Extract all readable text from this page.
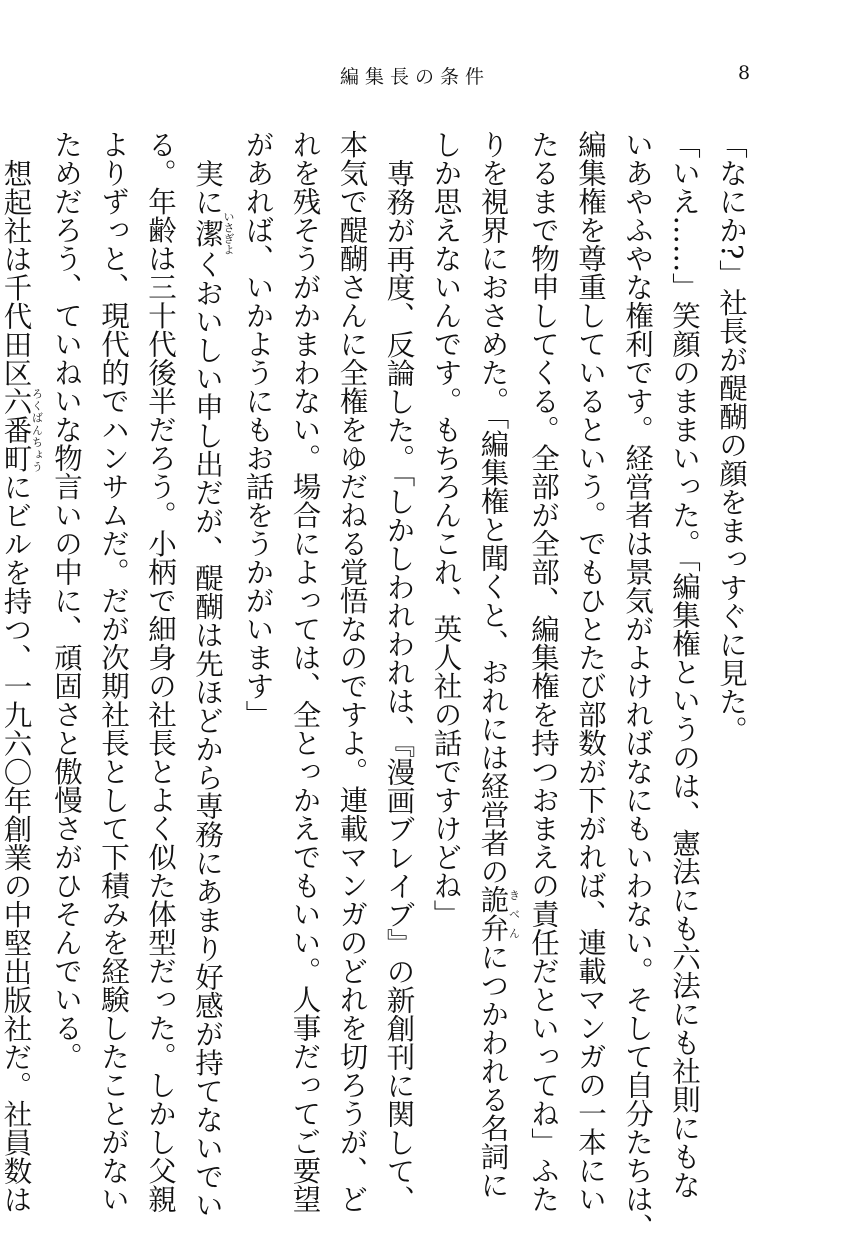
編集長の条件	8
「なにか?」社長が醍醐の顔をまっすぐに見た。
「いえ……」笑顔のままいった。「編集権というのは、憲法にも六法にも社則にもな
いあやふやな権利です。経営者は景気がよければなにもいわない。そして自分たちは、
編集権を尊重しているという。でもひとたび部数が下がれば、連載マンガの一本にい
たるまで物申してくる。全部が全部、編集権を持つおまえの責任だといってね」ふた
りを視界におさめた。「編集権と聞くと、おれには経営者の詭弁きべんにつかわれる名詞に
しか思えないんです。もちろんこれ、英人社の話ですけどね」
専務が再度、反論した。「しかしわれわれは、『漫画ブレイブ』の新創刊に関して、
本気で醍醐さんに全権をゆだねる覚悟なのですよ。連載マンガのどれを切ろうが、ど
れを残そうがかまわない。場合によっては、全とっかえでもいい。人事だってご要望
があれば、いかようにもお話をうかがいます」
実に潔いさぎよくおいしい申し出だが、醍醐は先ほどから専務にあまり好感が持てないでい
る。年齢は三十代後半だろう。小柄で細身の社長とよく似た体型だった。しかし父親
よりずっと、現代的でハンサムだ。だが次期社長として下積みを経験したことがない
ためだろう、ていねいな物言いの中に、頑固さと傲慢さがひそんでいる。
想起社は千代田区六番町ろくばんちょうにビルを持つ、一九六〇年創業の中堅出版社だ。社員数は
